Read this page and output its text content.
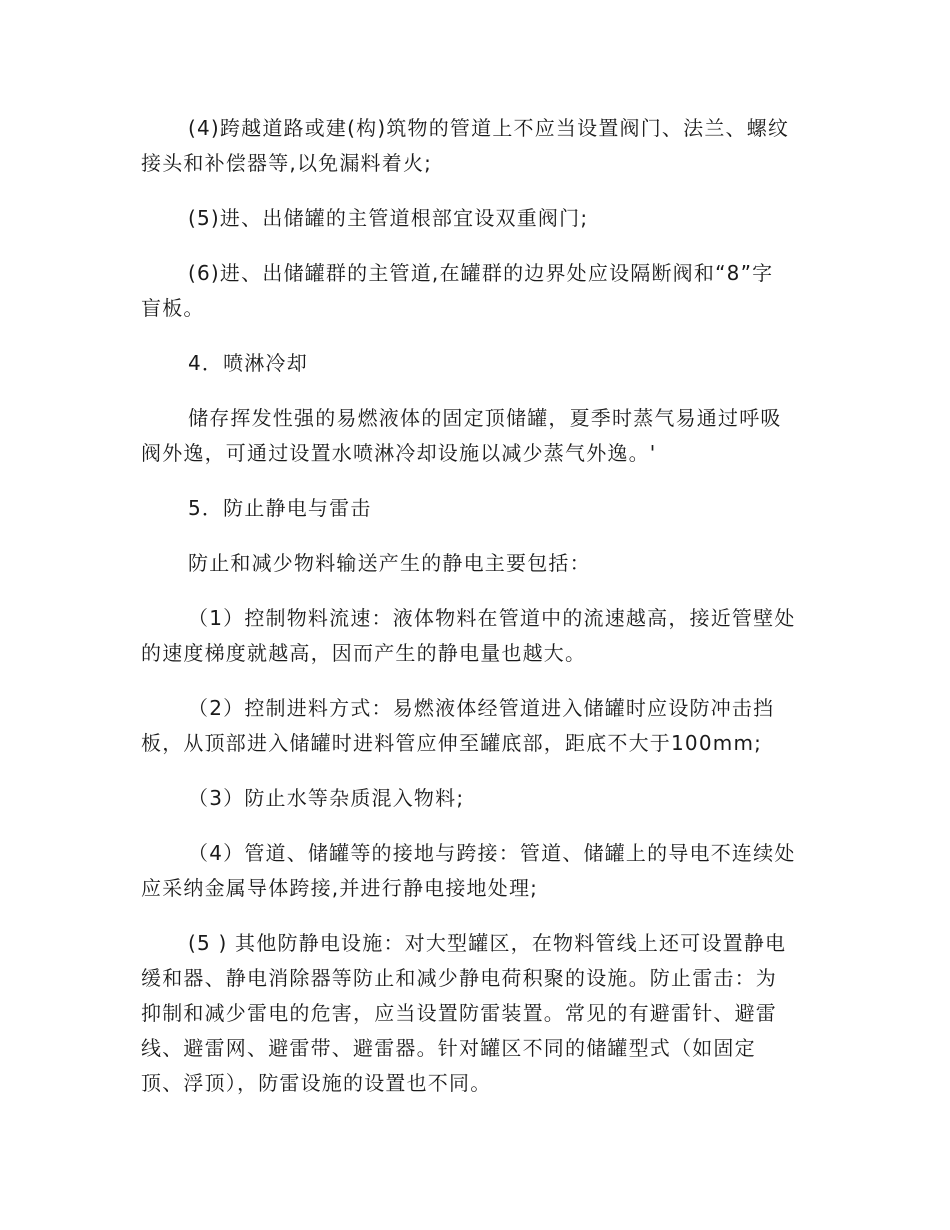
(4)跨越道路或建(构)筑物的管道上不应当设置阀门、法兰、螺纹
接头和补偿器等,以免漏料着火;
(5)进、出储罐的主管道根部宜设双重阀门;
(6)进、出储罐群的主管道,在罐群的边界处应设隔断阀和“8”字
盲板。
4．喷淋冷却
储存挥发性强的易燃液体的固定顶储罐，夏季时蒸气易通过呼吸
阀外逸，可通过设置水喷淋冷却设施以减少蒸气外逸。'
5．防止静电与雷击
防止和减少物料输送产生的静电主要包括：
（1）控制物料流速：液体物料在管道中的流速越高，接近管壁处
的速度梯度就越高，因而产生的静电量也越大。
（2）控制进料方式：易燃液体经管道进入储罐时应设防冲击挡
板，从顶部进入储罐时进料管应伸至罐底部，距底不大于100mm;
（3）防止水等杂质混入物料;
（4）管道、储罐等的接地与跨接：管道、储罐上的导电不连续处
应采纳金属导体跨接,并进行静电接地处理;
(5 ) 其他防静电设施：对大型罐区，在物料管线上还可设置静电
缓和器、静电消除器等防止和减少静电荷积聚的设施。防止雷击：为
抑制和减少雷电的危害，应当设置防雷装置。常见的有避雷针、避雷
线、避雷网、避雷带、避雷器。针对罐区不同的储罐型式（如固定
顶、浮顶），防雷设施的设置也不同。
